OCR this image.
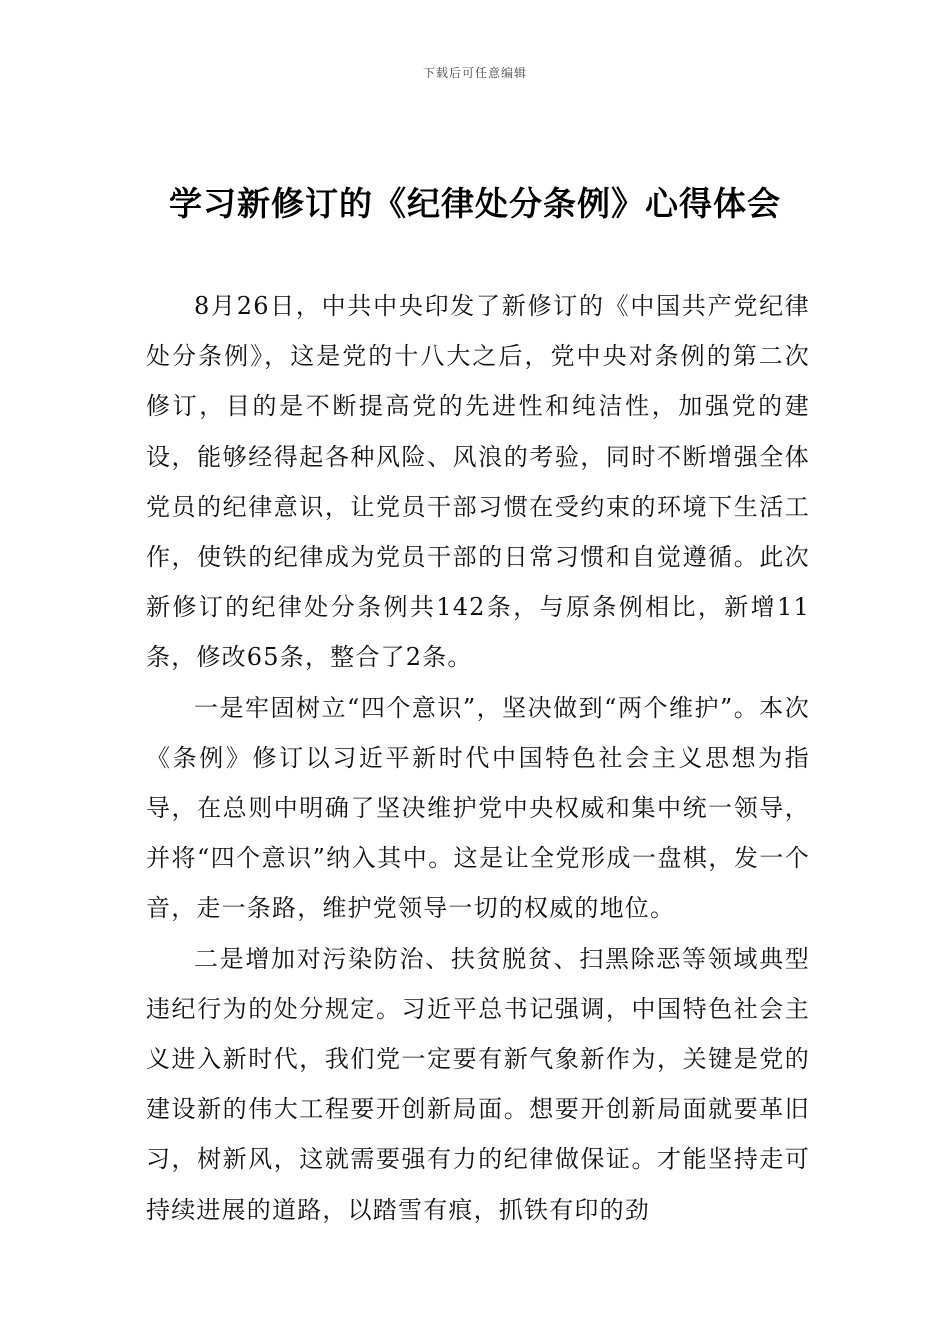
下载后可任意编辑
学习新修订的《纪律处分条例》心得体会

8月26日，中共中央印发了新修订的《中国共产党纪律处分条例》，这是党的十八大之后，党中央对条例的第二次修订，目的是不断提高党的先进性和纯洁性，加强党的建设，能够经得起各种风险、风浪的考验，同时不断增强全体党员的纪律意识，让党员干部习惯在受约束的环境下生活工作，使铁的纪律成为党员干部的日常习惯和自觉遵循。此次新修订的纪律处分条例共142条，与原条例相比，新增11条，修改65条，整合了2条。

一是牢固树立“四个意识”，坚决做到“两个维护”。本次《条例》修订以习近平新时代中国特色社会主义思想为指导，在总则中明确了坚决维护党中央权威和集中统一领导，并将“四个意识”纳入其中。这是让全党形成一盘棋，发一个音，走一条路，维护党领导一切的权威的地位。

二是增加对污染防治、扶贫脱贫、扫黑除恶等领域典型违纪行为的处分规定。习近平总书记强调，中国特色社会主义进入新时代，我们党一定要有新气象新作为，关键是党的建设新的伟大工程要开创新局面。想要开创新局面就要革旧习，树新风，这就需要强有力的纪律做保证。才能坚持走可持续进展的道路，以踏雪有痕，抓铁有印的劲
